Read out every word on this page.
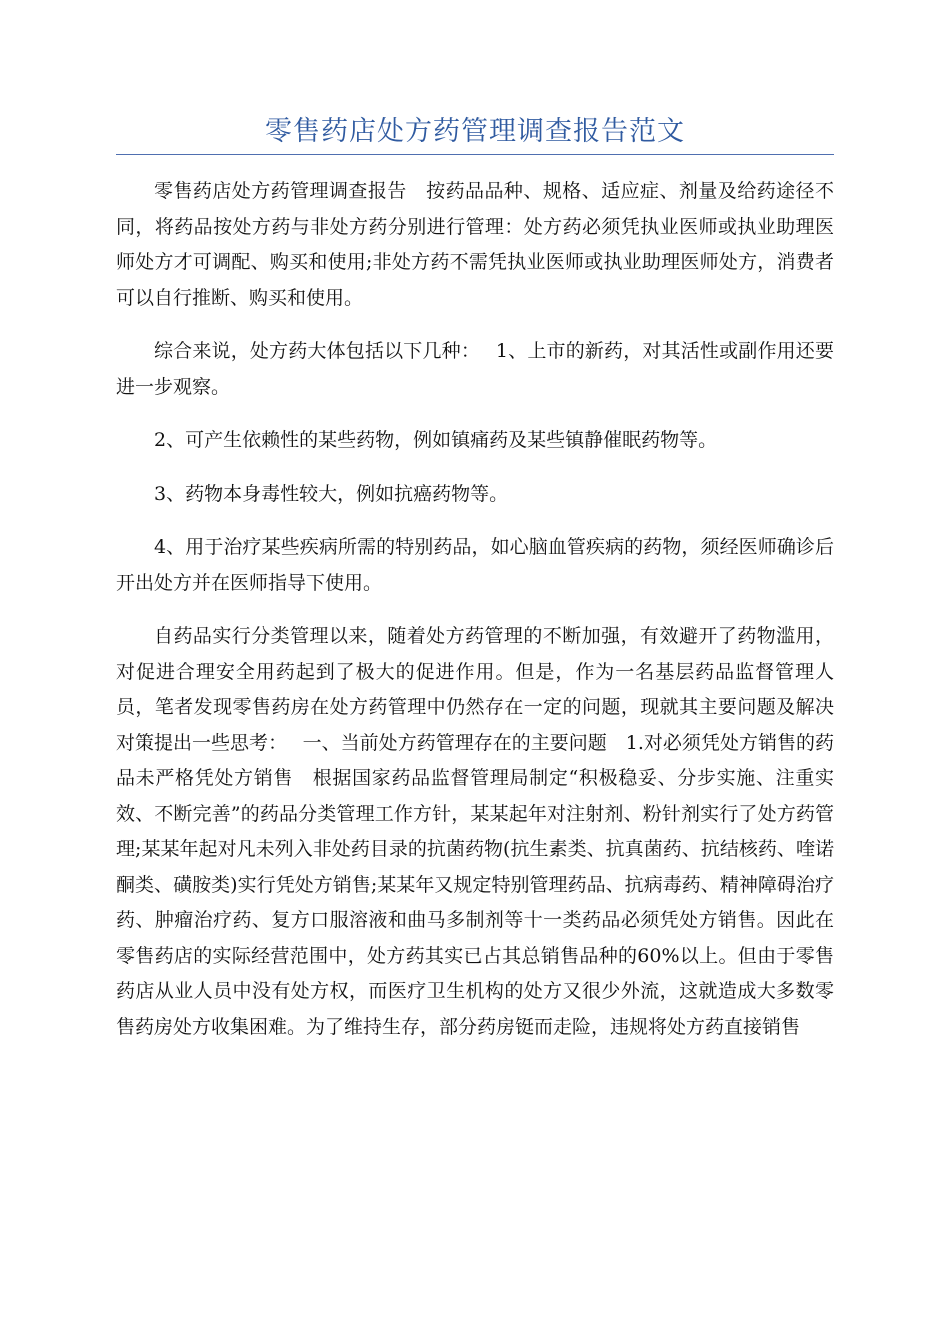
零售药店处方药管理调查报告范文

零售药店处方药管理调查报告　按药品品种、规格、适应症、剂量及给药途径不同，将药品按处方药与非处方药分别进行管理：处方药必须凭执业医师或执业助理医师处方才可调配、购买和使用;非处方药不需凭执业医师或执业助理医师处方，消费者可以自行推断、购买和使用。

综合来说，处方药大体包括以下几种：　 1、上市的新药，对其活性或副作用还要进一步观察。

2、可产生依赖性的某些药物，例如镇痛药及某些镇静催眠药物等。

3、药物本身毒性较大，例如抗癌药物等。

4、用于治疗某些疾病所需的特别药品，如心脑血管疾病的药物，须经医师确诊后开出处方并在医师指导下使用。

自药品实行分类管理以来，随着处方药管理的不断加强，有效避开了药物滥用，对促进合理安全用药起到了极大的促进作用。但是，作为一名基层药品监督管理人员，笔者发现零售药房在处方药管理中仍然存在一定的问题，现就其主要问题及解决对策提出一些思考：　 一、当前处方药管理存在的主要问题　1.对必须凭处方销售的药品未严格凭处方销售　根据国家药品监督管理局制定“积极稳妥、分步实施、注重实效、不断完善”的药品分类管理工作方针，某某起年对注射剂、粉针剂实行了处方药管理;某某年起对凡未列入非处药目录的抗菌药物(抗生素类、抗真菌药、抗结核药、喹诺酮类、磺胺类)实行凭处方销售;某某年又规定特别管理药品、抗病毒药、精神障碍治疗药、肿瘤治疗药、复方口服溶液和曲马多制剂等十一类药品必须凭处方销售。因此在零售药店的实际经营范围中，处方药其实已占其总销售品种的60%以上。但由于零售药店从业人员中没有处方权，而医疗卫生机构的处方又很少外流，这就造成大多数零售药房处方收集困难。为了维持生存，部分药房铤而走险，违规将处方药直接销售
